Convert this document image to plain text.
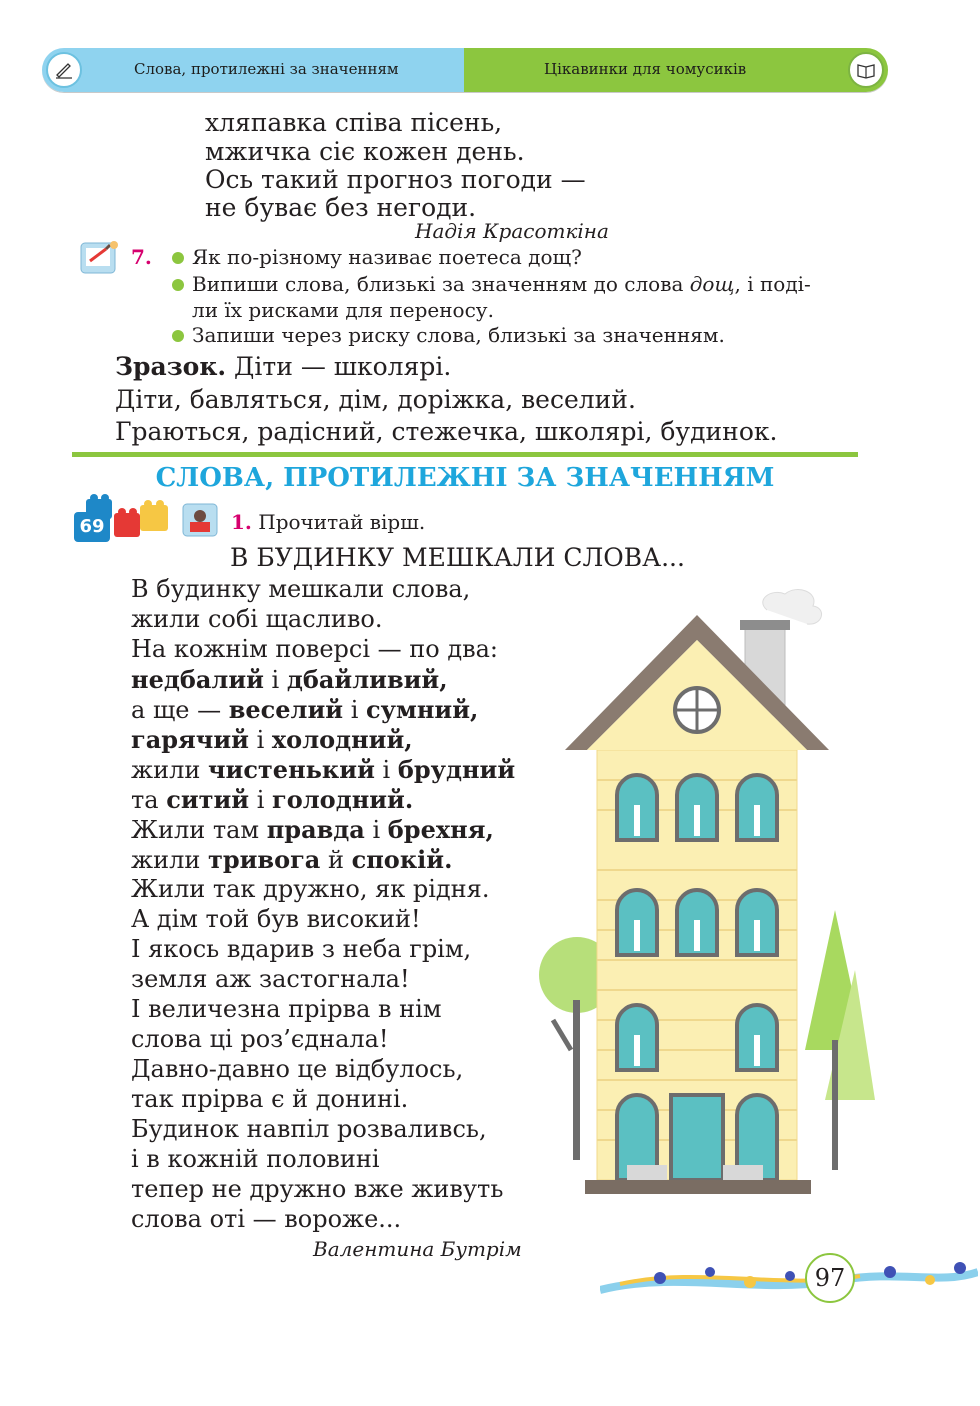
Слова, протилежні за значенням	Цікавинки для чомусиків
хляпавка співа пісень,
мжичка сіє кожен день.
Ось такий прогноз погоди —
не буває без негоди.
Надія Красоткіна
7. Як по-різному називає поетеса дощ?
Випиши слова, близькі за значенням до слова дощ, і поді-
ли їх рисками для переносу.
Запиши через риску слова, близькі за значенням.
Зразок. Діти — школярі.
Діти, бавляться, дім, доріжка, веселий.
Граються, радісний, стежечка, школярі, будинок.
СЛОВА, ПРОТИЛЕЖНІ ЗА ЗНАЧЕННЯМ
69	1. Прочитай вірш.
В БУДИНКУ МЕШКАЛИ СЛОВА...
В будинку мешкали слова,
жили собі щасливо.
На кожнім поверсі — по два:
недбалий і дбайливий,
а ще — веселий і сумний,
гарячий і холодний,
жили чистенький і брудний
та ситий і голодний.
Жили там правда і брехня,
жили тривога й спокій.
Жили так дружно, як рідня.
А дім той був високий!
І якось вдарив з неба грім,
земля аж застогнала!
І величезна прірва в нім
слова ці роз’єднала!
Давно-давно це відбулось,
так прірва є й донині.
Будинок навпіл розваливсь,
і в кожній половині
тепер не дружно вже живуть
слова оті — вороже...
Валентина Бутрім
97
